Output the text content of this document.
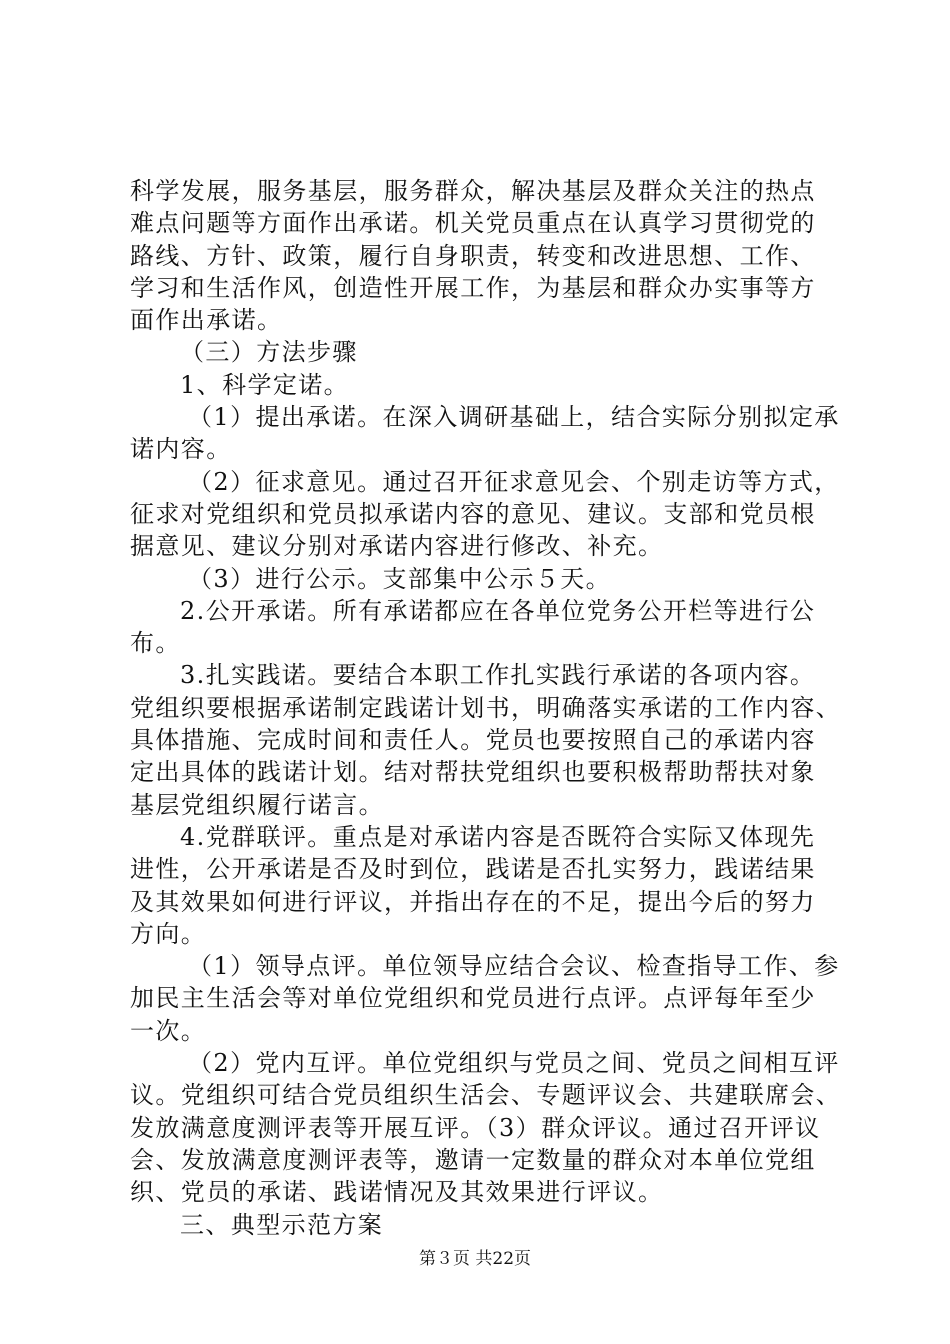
科学发展，服务基层，服务群众，解决基层及群众关注的热点
难点问题等方面作出承诺。机关党员重点在认真学习贯彻党的
路线、方针、政策，履行自身职责，转变和改进思想、工作、
学习和生活作风，创造性开展工作，为基层和群众办实事等方
面作出承诺。
（三）方法步骤
1、科学定诺。
（1）提出承诺。在深入调研基础上，结合实际分别拟定承
诺内容。
（2）征求意见。通过召开征求意见会、个别走访等方式，
征求对党组织和党员拟承诺内容的意见、建议。支部和党员根
据意见、建议分别对承诺内容进行修改、补充。
（3）进行公示。支部集中公示５天。
2.公开承诺。所有承诺都应在各单位党务公开栏等进行公
布。
3.扎实践诺。要结合本职工作扎实践行承诺的各项内容。
党组织要根据承诺制定践诺计划书，明确落实承诺的工作内容、
具体措施、完成时间和责任人。党员也要按照自己的承诺内容
定出具体的践诺计划。结对帮扶党组织也要积极帮助帮扶对象
基层党组织履行诺言。
4.党群联评。重点是对承诺内容是否既符合实际又体现先
进性，公开承诺是否及时到位，践诺是否扎实努力，践诺结果
及其效果如何进行评议，并指出存在的不足，提出今后的努力
方向。
（1）领导点评。单位领导应结合会议、检查指导工作、参
加民主生活会等对单位党组织和党员进行点评。点评每年至少
一次。
（2）党内互评。单位党组织与党员之间、党员之间相互评
议。党组织可结合党员组织生活会、专题评议会、共建联席会、
发放满意度测评表等开展互评。（3）群众评议。通过召开评议
会、发放满意度测评表等，邀请一定数量的群众对本单位党组
织、党员的承诺、践诺情况及其效果进行评议。
三、典型示范方案
第３页 共22页
